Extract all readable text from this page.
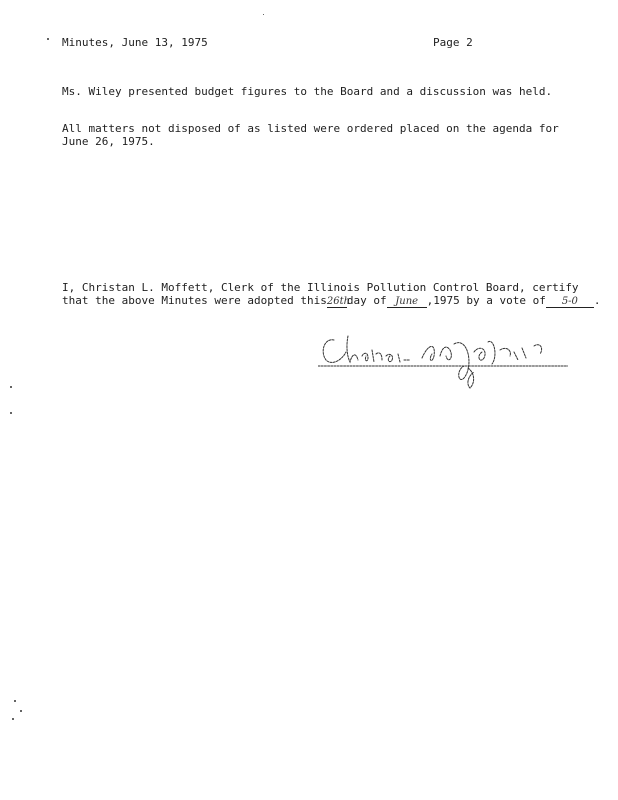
Minutes, June 13, 1975	Page 2
Ms. Wiley presented budget figures to the Board and a discussion was held.
All matters not disposed of as listed were ordered placed on the agenda for
June 26, 1975.
I, Christan L. Moffett, Clerk of the Illinois Pollution Control Board, certify
that the above Minutes were adopted this26thday of June ,1975 by a vote of 5-0 .
